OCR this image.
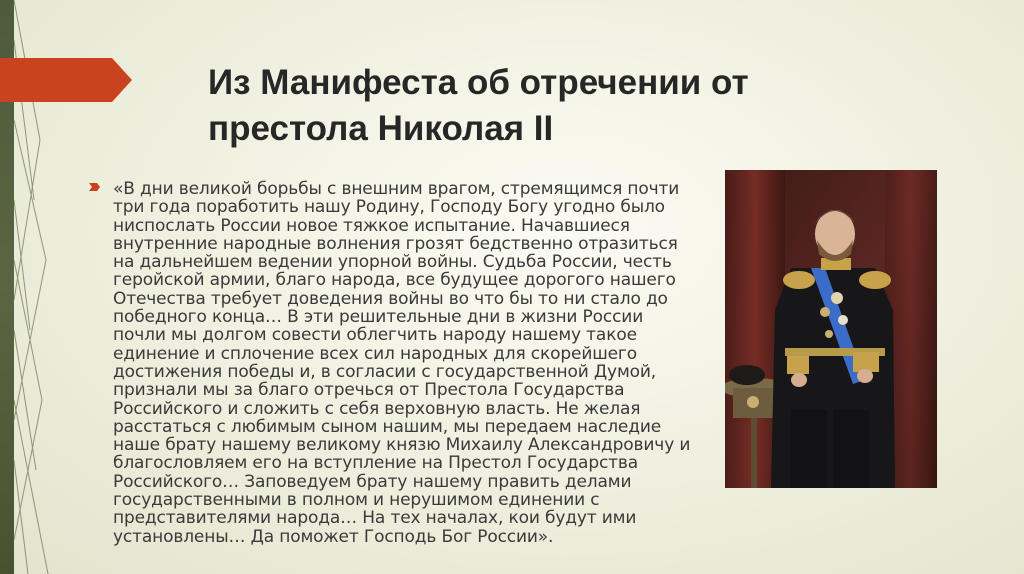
Из Манифеста об отречении от престола Николая II
«В дни великой борьбы с внешним врагом, стремящимся почти три года поработить нашу Родину, Господу Богу угодно было ниспослать России новое тяжкое испытание. Начавшиеся внутренние народные волнения грозят бедственно отразиться на дальнейшем ведении упорной войны. Судьба России, честь геройской армии, благо народа, все будущее дорогого нашего Отечества требует доведения войны во что бы то ни стало до победного конца… В эти решительные дни в жизни России почли мы долгом совести облегчить народу нашему такое единение и сплочение всех сил народных для скорейшего достижения победы и, в согласии с государственной Думой, признали мы за благо отречься от Престола Государства Российского и сложить с себя верховную власть. Не желая расстаться с любимым сыном нашим, мы передаем наследие наше брату нашему великому князю Михаилу Александровичу и благословляем его на вступление на Престол Государства Российского… Заповедуем брату нашему править делами государственными в полном и нерушимом единении с представителями народа… На тех началах, кои будут ими установлены… Да поможет Господь Бог России».
